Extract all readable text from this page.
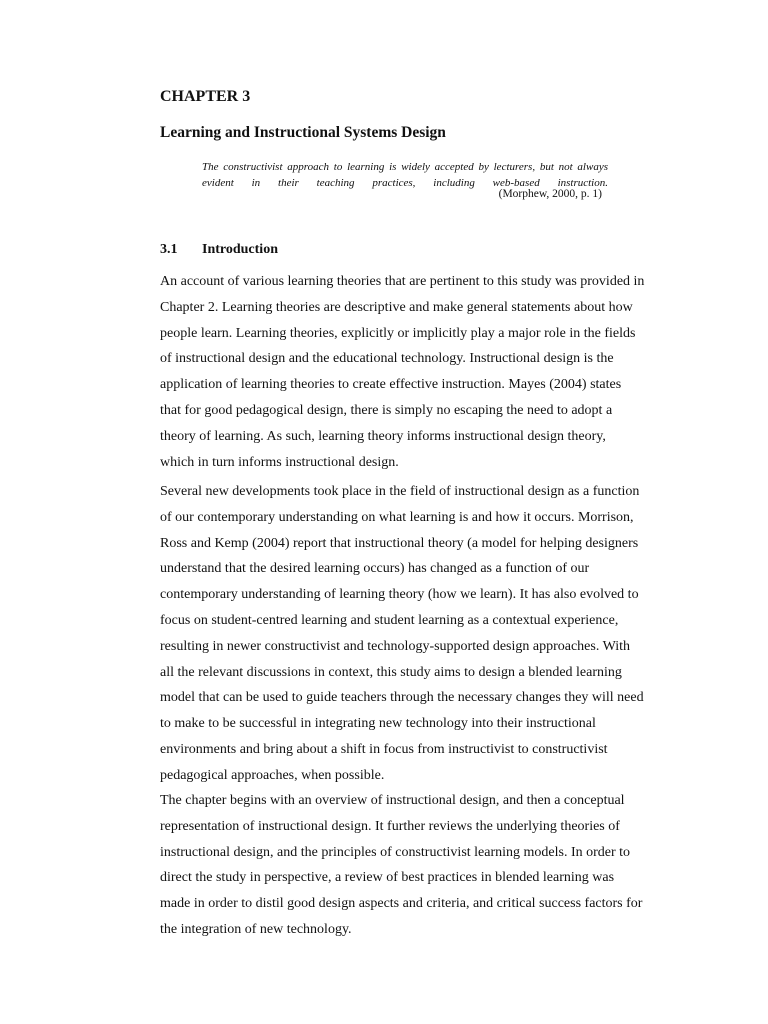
CHAPTER 3
Learning and Instructional Systems Design

The constructivist approach to learning is widely accepted by lecturers, but not always evident in their teaching practices, including web-based instruction.

(Morphew, 2000, p. 1)

3.1 Introduction

An account of various learning theories that are pertinent to this study was provided in
Chapter 2. Learning theories are descriptive and make general statements about how
people learn. Learning theories, explicitly or implicitly play a major role in the fields
of instructional design and the educational technology. Instructional design is the
application of learning theories to create effective instruction. Mayes (2004) states
that for good pedagogical design, there is simply no escaping the need to adopt a
theory of learning. As such, learning theory informs instructional design theory,
which in turn informs instructional design.

Several new developments took place in the field of instructional design as a function
of our contemporary understanding on what learning is and how it occurs. Morrison,
Ross and Kemp (2004) report that instructional theory (a model for helping designers
understand that the desired learning occurs) has changed as a function of our
contemporary understanding of learning theory (how we learn). It has also evolved to
focus on student-centred learning and student learning as a contextual experience,
resulting in newer constructivist and technology-supported design approaches. With
all the relevant discussions in context, this study aims to design a blended learning
model that can be used to guide teachers through the necessary changes they will need
to make to be successful in integrating new technology into their instructional
environments and bring about a shift in focus from instructivist to constructivist
pedagogical approaches, when possible.

The chapter begins with an overview of instructional design, and then a conceptual
representation of instructional design. It further reviews the underlying theories of
instructional design, and the principles of constructivist learning models. In order to
direct the study in perspective, a review of best practices in blended learning was
made in order to distil good design aspects and criteria, and critical success factors for
the integration of new technology.
